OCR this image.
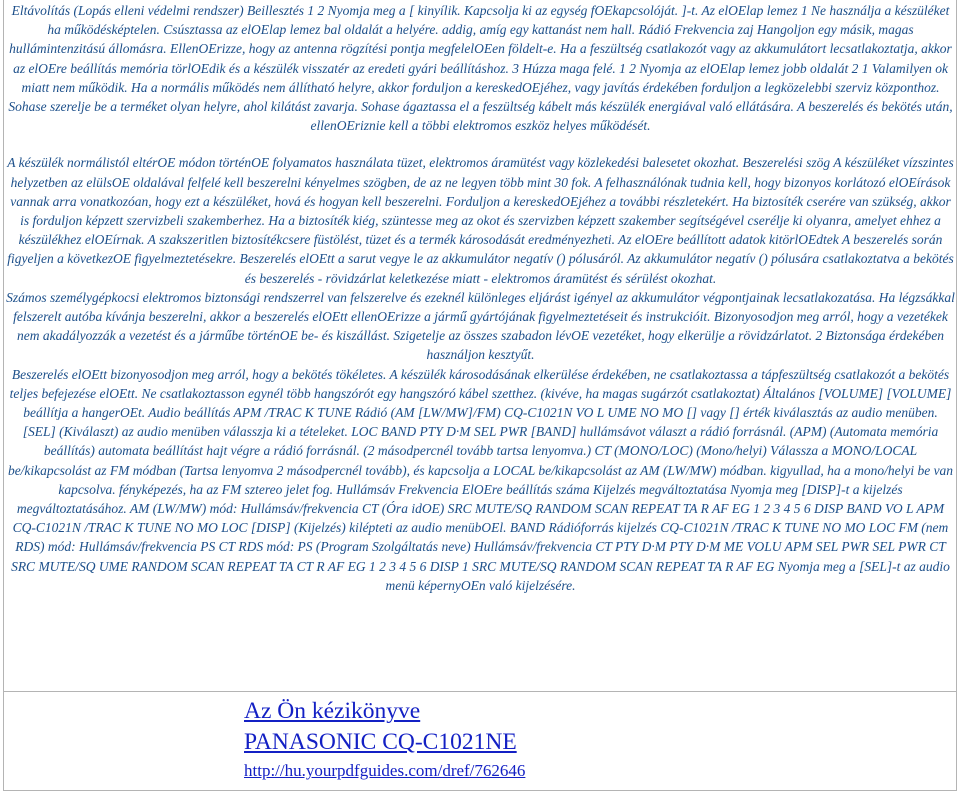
Eltávolítás (Lopás elleni védelmi rendszer) Beillesztés 1 2 Nyomja meg a [ kinyílik. Kapcsolja ki az egység fOEkapcsolóját. ]-t. Az elOElap lemez 1 Ne használja a készüléket ha működésképtelen. Csúsztassa az elOElap lemez bal oldalát a helyére. addig, amíg egy kattanást nem hall. Rádió Frekvencia zaj Hangoljon egy másik, magas hullámintenzitású állomásra. EllenOErizze, hogy az antenna rögzítési pontja megfelelOEen földelt-e. Ha a feszültség csatlakozót vagy az akkumulátort lecsatlakoztatja, akkor az elOEre beállítás memória törlOEdik és a készülék visszatér az eredeti gyári beállításhoz. 3 Húzza maga felé. 1 2 Nyomja az elOElap lemez jobb oldalát 2 1 Valamilyen ok miatt nem működik. Ha a normális működés nem állítható helyre, akkor forduljon a kereskedOEjéhez, vagy javítás érdekében forduljon a legközelebbi szerviz központhoz. Sohase szerelje be a terméket olyan helyre, ahol kilátást zavarja. Sohase ágaztassa el a feszültség kábelt más készülék energiával való ellátására. A beszerelés és bekötés után, ellenOEriznie kell a többi elektromos eszköz helyes működését.

A készülék normálistól eltérOE módon történOE folyamatos használata tüzet, elektromos áramütést vagy közlekedési balesetet okozhat. Beszerelési szög A készüléket vízszintes helyzetben az elülsOE oldalával felfelé kell beszerelni kényelmes szögben, de az ne legyen több mint 30 fok. A felhasználónak tudnia kell, hogy bizonyos korlátozó elOEírások vannak arra vonatkozóan, hogy ezt a készüléket, hová és hogyan kell beszerelni. Forduljon a kereskedOEjéhez a további részletekért. Ha biztosíték cserére van szükség, akkor is forduljon képzett szervizbeli szakemberhez. Ha a biztosíték kiég, szüntesse meg az okot és szervizben képzett szakember segítségével cserélje ki olyanra, amelyet ehhez a készülékhez elOEírnak. A szakszeritlen biztosítékcsere füstölést, tüzet és a termék károsodását eredményezheti. Az elOEre beállított adatok kitörlOEdtek A beszerelés során figyeljen a következOE figyelmeztetésekre. Beszerelés elOEtt a sarut vegye le az akkumulátor negatív () pólusáról. Az akkumulátor negatív () pólusára csatlakoztatva a bekötés és beszerelés - rövidzárlat keletkezése miatt - elektromos áramütést és sérülést okozhat.

Számos személygépkocsi elektromos biztonsági rendszerrel van felszerelve és ezeknél különleges eljárást igényel az akkumulátor végpontjainak lecsatlakozatása. Ha légzsákkal felszerelt autóba kívánja beszerelni, akkor a beszerelés elOEtt ellenOErizze a jármű gyártójának figyelmeztetéseit és instrukcióit. Bizonyosodjon meg arról, hogy a vezetékek nem akadályozzák a vezetést és a járműbe történOE be- és kiszállást. Szigetelje az összes szabadon lévOE vezetéket, hogy elkerülje a rövidzárlatot. 2 Biztonsága érdekében használjon kesztyűt.

Beszerelés elOEtt bizonyosodjon meg arról, hogy a bekötés tökéletes. A készülék károsodásának elkerülése érdekében, ne csatlakoztassa a tápfeszültség csatlakozót a bekötés teljes befejezése elOEtt. Ne csatlakoztasson egynél több hangszórót egy hangszóró kábel szetthez. (kivéve, ha magas sugárzót csatlakoztat) Általános [VOLUME] [VOLUME] beállítja a hangerOEt. Audio beállítás APM /TRAC K TUNE Rádió (AM [LW/MW]/FM) CQ-C1021N VO L UME NO MO [] vagy [] érték kiválasztás az audio menüben.

[SEL] (Kiválaszt) az audio menüben válasszja ki a tételeket. LOC BAND PTY D·M SEL PWR [BAND] hullámsávot választ a rádió forrásnál. (APM) (Automata memória beállítás) automata beállítást hajt végre a rádió forrásnál. (2 másodpercnél tovább tartsa lenyomva.) CT (MONO/LOC) (Mono/helyi) Válassza a MONO/LOCAL be/kikapcsolást az FM módban (Tartsa lenyomva 2 másodpercnél tovább), és kapcsolja a LOCAL be/kikapcsolást az AM (LW/MW) módban. kigyullad, ha a mono/helyi be van kapcsolva. fényképezés, ha az FM sztereo jelet fog. Hullámsáv Frekvencia ElOEre beállítás száma Kijelzés megváltoztatása Nyomja meg [DISP]-t a kijelzés megváltoztatásához. AM (LW/MW) mód: Hullámsáv/frekvencia CT (Óra idOE) SRC MUTE/SQ RANDOM SCAN REPEAT TA R AF EG 1 2 3 4 5 6 DISP BAND VO L APM CQ-C1021N /TRAC K TUNE NO MO LOC [DISP] (Kijelzés) kilépteti az audio menübOEl. BAND Rádióforrás kijelzés CQ-C1021N /TRAC K TUNE NO MO LOC FM (nem RDS) mód: Hullámsáv/frekvencia PS CT RDS mód: PS (Program Szolgáltatás neve) Hullámsáv/frekvencia CT PTY D·M PTY D·M ME VOLU APM SEL PWR SEL PWR CT SRC MUTE/SQ UME RANDOM SCAN REPEAT TA CT R AF EG 1 2 3 4 5 6 DISP 1 SRC MUTE/SQ RANDOM SCAN REPEAT TA R AF EG Nyomja meg a [SEL]-t az audio menü képernyOEn való kijelzésére.

Az Ön kézikönyve
PANASONIC CQ-C1021NE
http://hu.yourpdfguides.com/dref/762646
